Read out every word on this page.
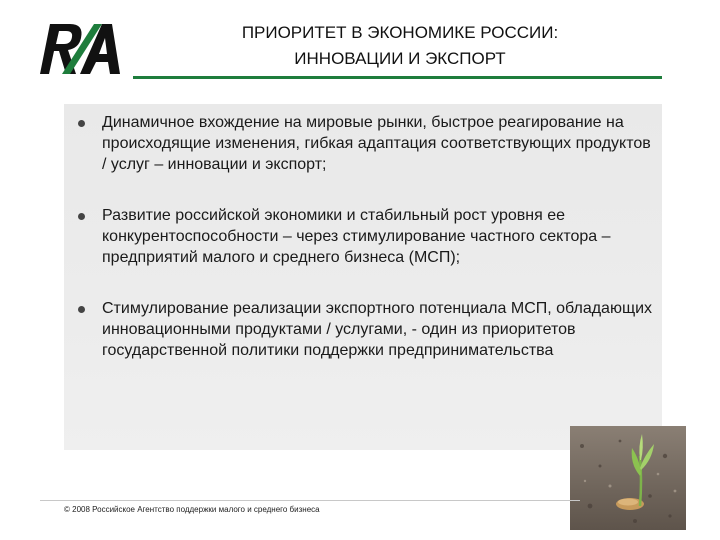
ПРИОРИТЕТ В ЭКОНОМИКЕ РОССИИ:
ИННОВАЦИИ И ЭКСПОРТ
Динамичное вхождение на мировые рынки, быстрое реагирование на происходящие изменения, гибкая адаптация соответствующих продуктов / услуг – инновации и экспорт;
Развитие российской экономики и стабильный рост уровня ее конкурентоспособности – через стимулирование частного сектора – предприятий малого и среднего бизнеса (МСП);
Стимулирование реализации экспортного потенциала МСП, обладающих инновационными продуктами / услугами, - один из приоритетов государственной политики поддержки предпринимательства
© 2008 Российское Агентство поддержки малого и среднего бизнеса
